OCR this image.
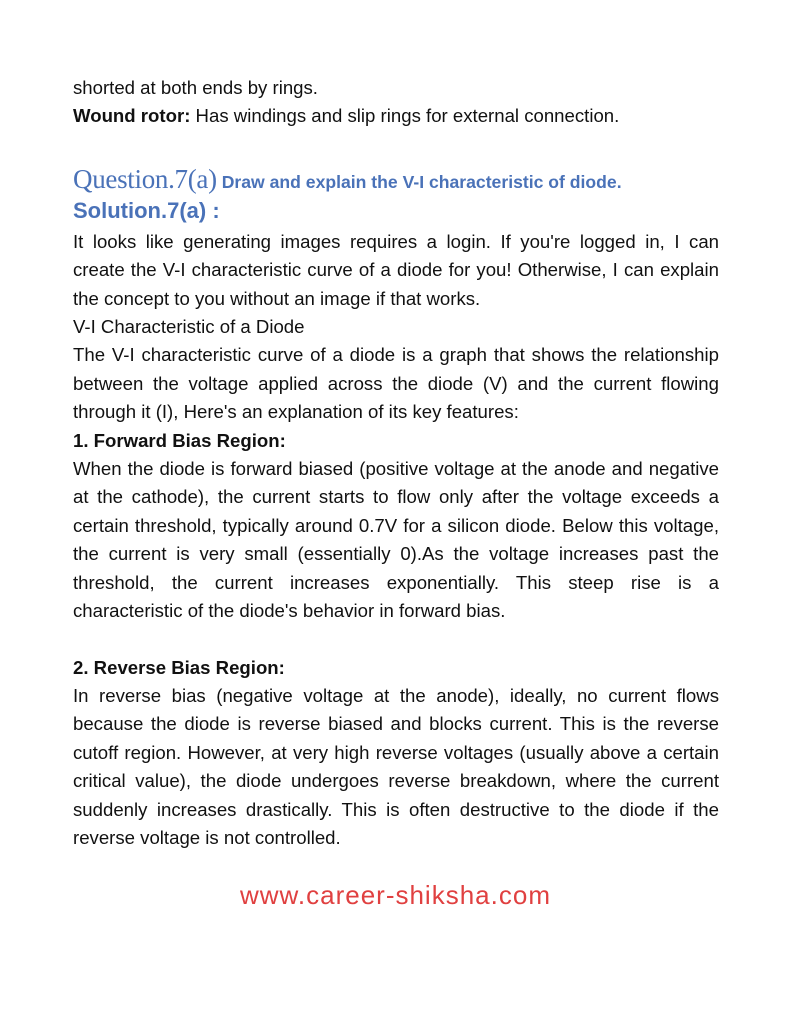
shorted at both ends by rings.
Wound rotor: Has windings and slip rings for external connection.
Question.7(a) Draw and explain the V-I characteristic of diode.
Solution.7(a) :
It looks like generating images requires a login. If you're logged in, I can create the V-I characteristic curve of a diode for you! Otherwise, I can explain the concept to you without an image if that works.
V-I Characteristic of a Diode
The V-I characteristic curve of a diode is a graph that shows the relationship between the voltage applied across the diode (V) and the current flowing through it (I), Here's an explanation of its key features:
1. Forward Bias Region:
When the diode is forward biased (positive voltage at the anode and negative at the cathode), the current starts to flow only after the voltage exceeds a certain threshold, typically around 0.7V for a silicon diode. Below this voltage, the current is very small (essentially 0).As the voltage increases past the threshold, the current increases exponentially. This steep rise is a characteristic of the diode's behavior in forward bias.
2. Reverse Bias Region:
In reverse bias (negative voltage at the anode), ideally, no current flows because the diode is reverse biased and blocks current. This is the reverse cutoff region. However, at very high reverse voltages (usually above a certain critical value), the diode undergoes reverse breakdown, where the current suddenly increases drastically. This is often destructive to the diode if the reverse voltage is not controlled.
www.career-shiksha.com
